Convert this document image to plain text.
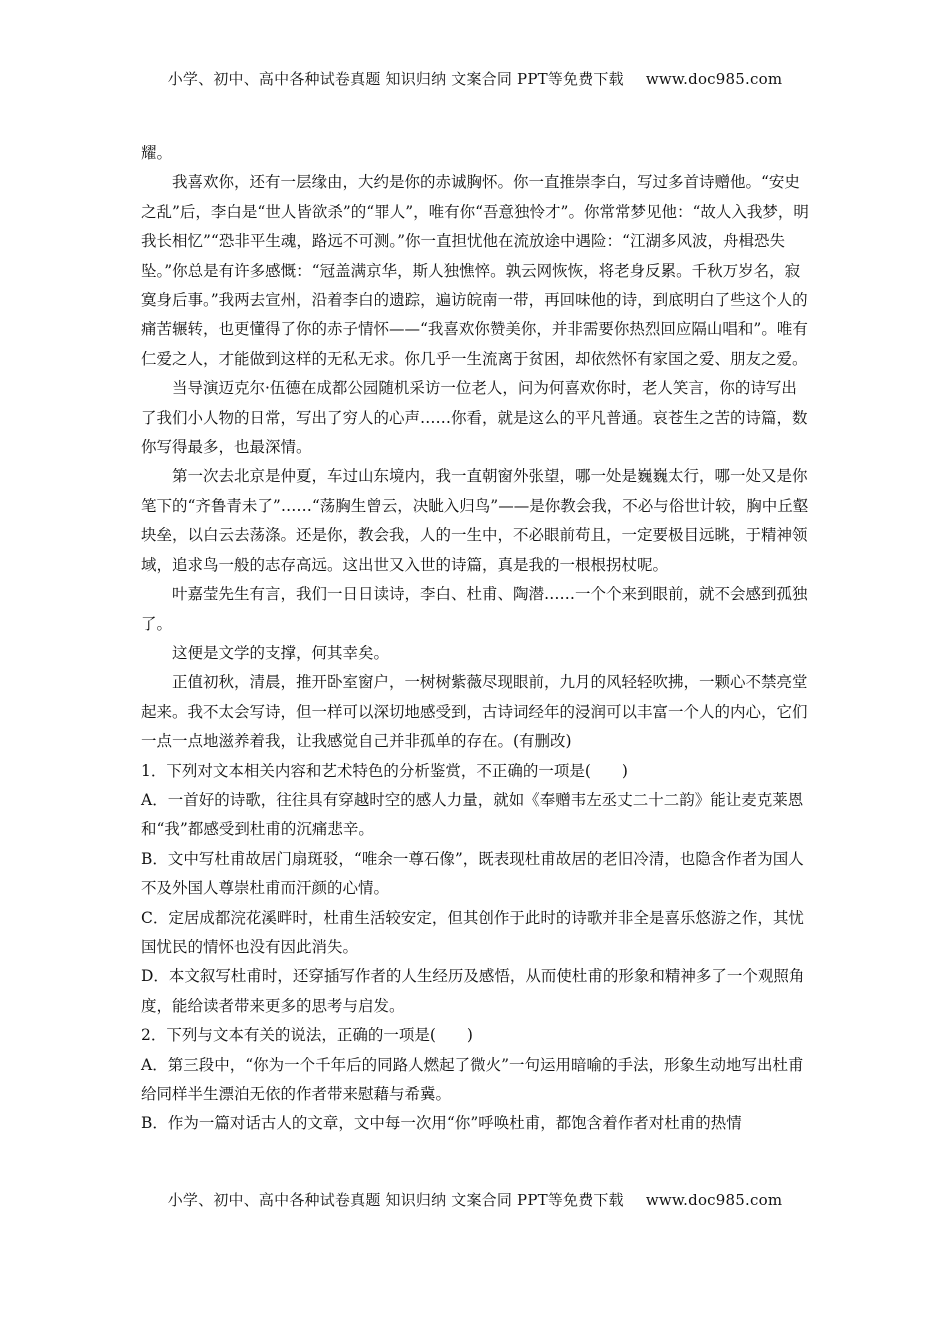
小学、初中、高中各种试卷真题 知识归纳 文案合同 PPT等免费下载 www.doc985.com

耀。

我喜欢你，还有一层缘由，大约是你的赤诚胸怀。你一直推崇李白，写过多首诗赠他。“安史之乱”后，李白是“世人皆欲杀”的“罪人”，唯有你“吾意独怜才”。你常常梦见他：“故人入我梦，明我长相忆”“恐非平生魂，路远不可测。”你一直担忧他在流放途中遇险：“江湖多风波，舟楫恐失坠。”你总是有许多感慨：“冠盖满京华，斯人独憔悴。孰云网恢恢，将老身反累。千秋万岁名，寂寞身后事。”我两去宣州，沿着李白的遗踪，遍访皖南一带，再回味他的诗，到底明白了些这个人的痛苦辗转，也更懂得了你的赤子情怀——“我喜欢你赞美你，并非需要你热烈回应隔山唱和”。唯有仁爱之人，才能做到这样的无私无求。你几乎一生流离于贫困，却依然怀有家国之爱、朋友之爱。

当导演迈克尔·伍德在成都公园随机采访一位老人，问为何喜欢你时，老人笑言，你的诗写出了我们小人物的日常，写出了穷人的心声……你看，就是这么的平凡普通。哀苍生之苦的诗篇，数你写得最多，也最深情。

第一次去北京是仲夏，车过山东境内，我一直朝窗外张望，哪一处是巍巍太行，哪一处又是你笔下的“齐鲁青未了”……“荡胸生曾云，决眦入归鸟”——是你教会我，不必与俗世计较，胸中丘壑块垒，以白云去荡涤。还是你，教会我，人的一生中，不必眼前苟且，一定要极目远眺，于精神领域，追求鸟一般的志存高远。这出世又入世的诗篇，真是我的一根根拐杖呢。

叶嘉莹先生有言，我们一日日读诗，李白、杜甫、陶潜……一个个来到眼前，就不会感到孤独了。

这便是文学的支撑，何其幸矣。

正值初秋，清晨，推开卧室窗户，一树树紫薇尽现眼前，九月的风轻轻吹拂，一颗心不禁亮堂起来。我不太会写诗，但一样可以深切地感受到，古诗词经年的浸润可以丰富一个人的内心，它们一点一点地滋养着我，让我感觉自己并非孤单的存在。(有删改)

1．下列对文本相关内容和艺术特色的分析鉴赏，不正确的一项是(　　)

A．一首好的诗歌，往往具有穿越时空的感人力量，就如《奉赠韦左丞丈二十二韵》能让麦克莱恩和“我”都感受到杜甫的沉痛悲辛。

B．文中写杜甫故居门扇斑驳，“唯余一尊石像”，既表现杜甫故居的老旧冷清，也隐含作者为国人不及外国人尊崇杜甫而汗颜的心情。

C．定居成都浣花溪畔时，杜甫生活较安定，但其创作于此时的诗歌并非全是喜乐悠游之作，其忧国忧民的情怀也没有因此消失。

D．本文叙写杜甫时，还穿插写作者的人生经历及感悟，从而使杜甫的形象和精神多了一个观照角度，能给读者带来更多的思考与启发。

2．下列与文本有关的说法，正确的一项是(　　)

A．第三段中，“你为一个千年后的同路人燃起了微火”一句运用暗喻的手法，形象生动地写出杜甫给同样半生漂泊无依的作者带来慰藉与希冀。

B．作为一篇对话古人的文章，文中每一次用“你”呼唤杜甫，都饱含着作者对杜甫的热情

小学、初中、高中各种试卷真题 知识归纳 文案合同 PPT等免费下载 www.doc985.com
